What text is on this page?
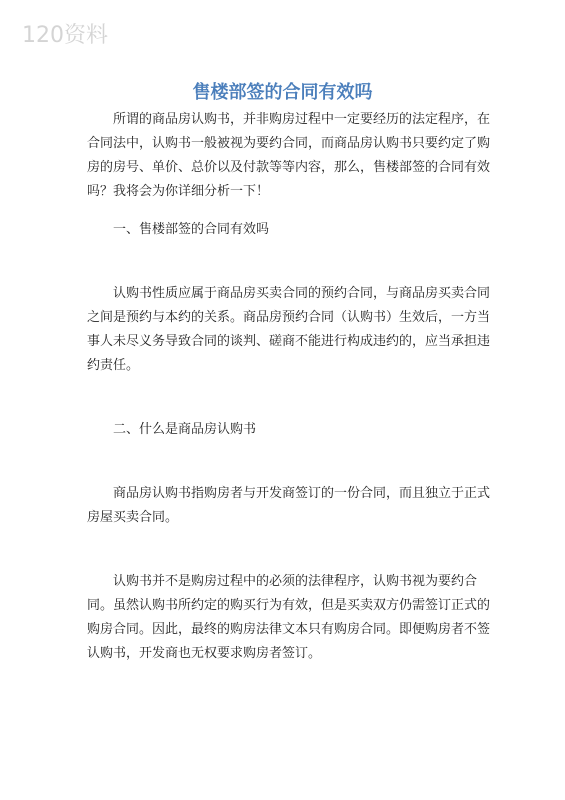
120资料
售楼部签的合同有效吗

所谓的商品房认购书，并非购房过程中一定要经历的法定程序，在合同法中，认购书一般被视为要约合同，而商品房认购书只要约定了购房的房号、单价、总价以及付款等等内容，那么，售楼部签的合同有效吗？我将会为你详细分析一下！

一、售楼部签的合同有效吗

认购书性质应属于商品房买卖合同的预约合同，与商品房买卖合同之间是预约与本约的关系。商品房预约合同（认购书）生效后，一方当事人未尽义务导致合同的谈判、磋商不能进行构成违约的，应当承担违约责任。

二、什么是商品房认购书

商品房认购书指购房者与开发商签订的一份合同，而且独立于正式房屋买卖合同。

认购书并不是购房过程中的必须的法律程序，认购书视为要约合同。虽然认购书所约定的购买行为有效，但是买卖双方仍需签订正式的购房合同。因此，最终的购房法律文本只有购房合同。即便购房者不签认购书，开发商也无权要求购房者签订。
